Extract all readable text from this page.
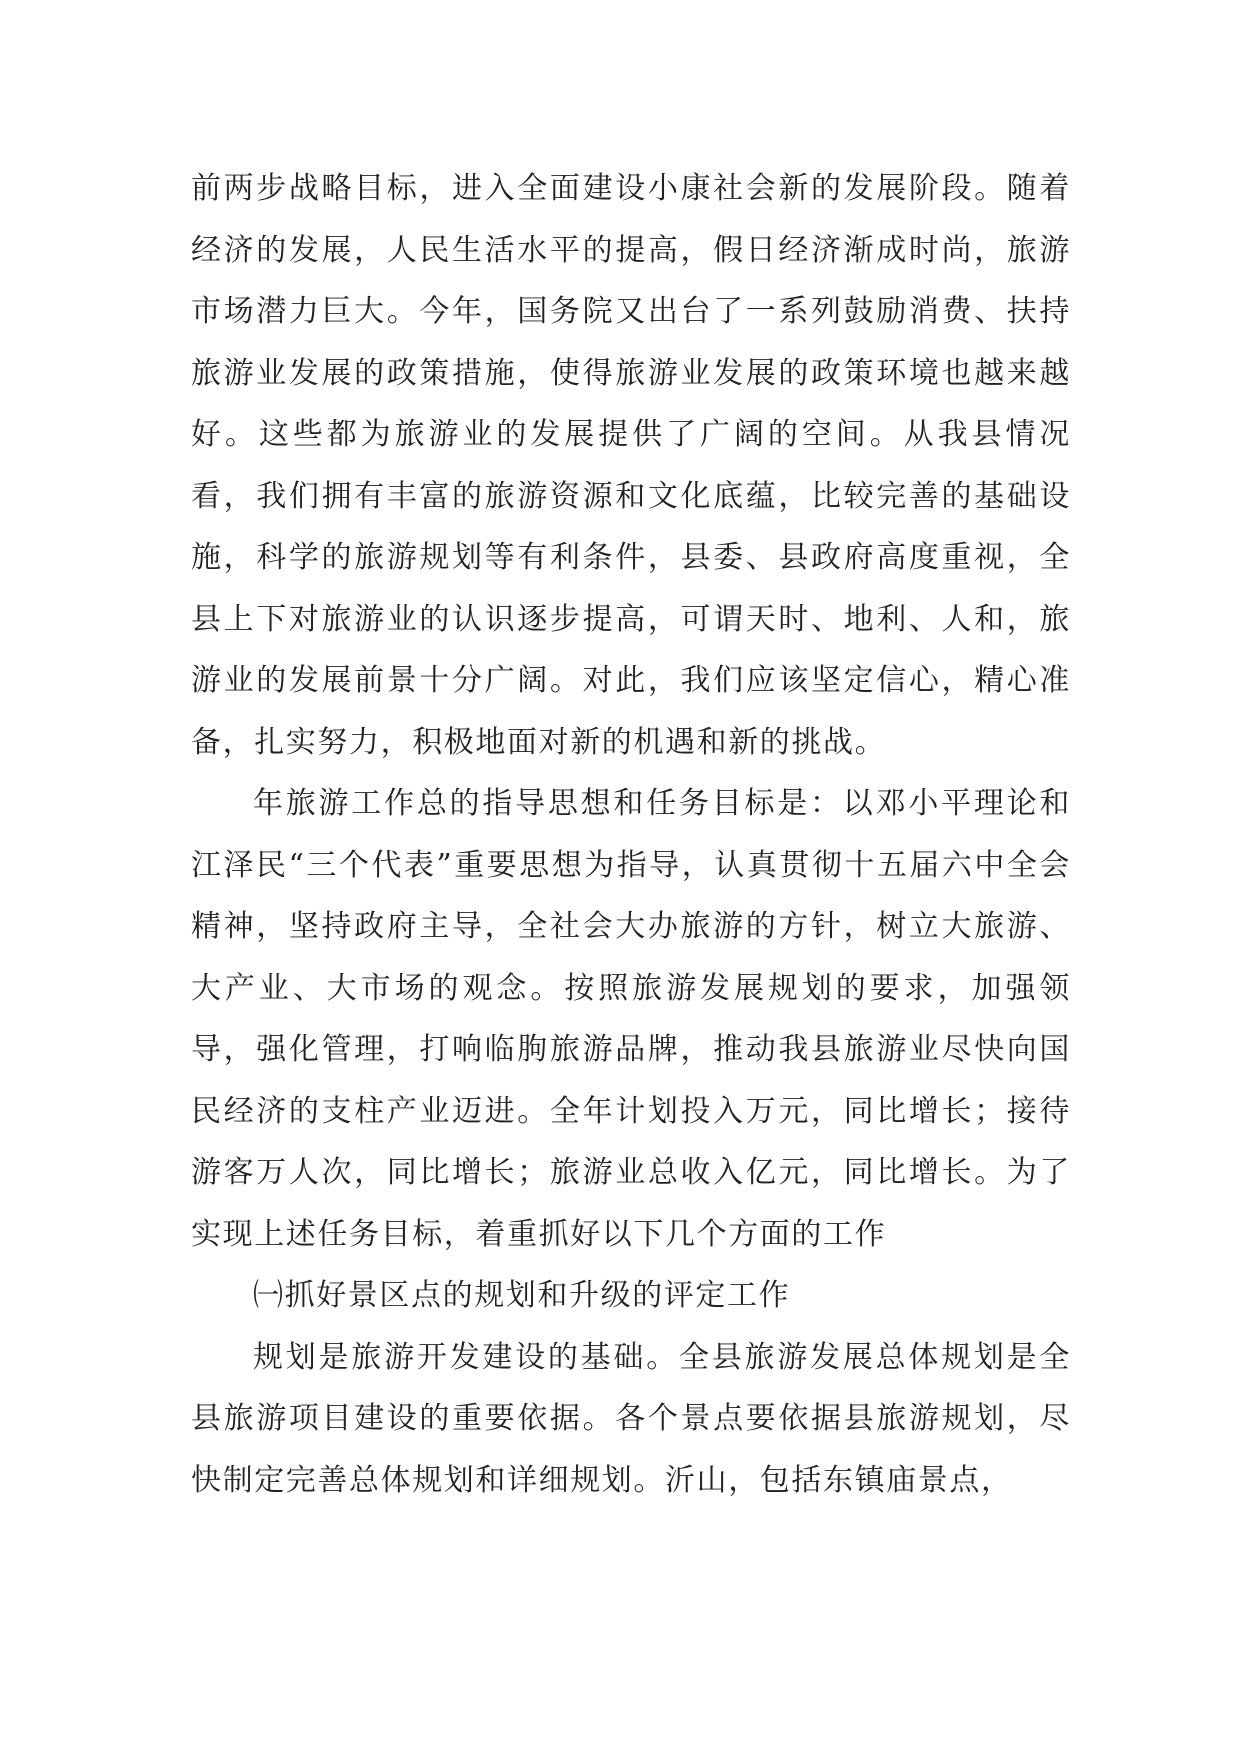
前两步战略目标，进入全面建设小康社会新的发展阶段。随着经济的发展，人民生活水平的提高，假日经济渐成时尚，旅游市场潜力巨大。今年，国务院又出台了一系列鼓励消费、扶持旅游业发展的政策措施，使得旅游业发展的政策环境也越来越好。这些都为旅游业的发展提供了广阔的空间。从我县情况看，我们拥有丰富的旅游资源和文化底蕴，比较完善的基础设施，科学的旅游规划等有利条件，县委、县政府高度重视，全县上下对旅游业的认识逐步提高，可谓天时、地利、人和，旅游业的发展前景十分广阔。对此，我们应该坚定信心，精心准备，扎实努力，积极地面对新的机遇和新的挑战。

年旅游工作总的指导思想和任务目标是：以邓小平理论和江泽民“三个代表”重要思想为指导，认真贯彻十五届六中全会精神，坚持政府主导，全社会大办旅游的方针，树立大旅游、大产业、大市场的观念。按照旅游发展规划的要求，加强领导，强化管理，打响临朐旅游品牌，推动我县旅游业尽快向国民经济的支柱产业迈进。全年计划投入万元，同比增长；接待游客万人次，同比增长；旅游业总收入亿元，同比增长。为了实现上述任务目标，着重抓好以下几个方面的工作

㈠抓好景区点的规划和升级的评定工作

规划是旅游开发建设的基础。全县旅游发展总体规划是全县旅游项目建设的重要依据。各个景点要依据县旅游规划，尽快制定完善总体规划和详细规划。沂山，包括东镇庙景点，
